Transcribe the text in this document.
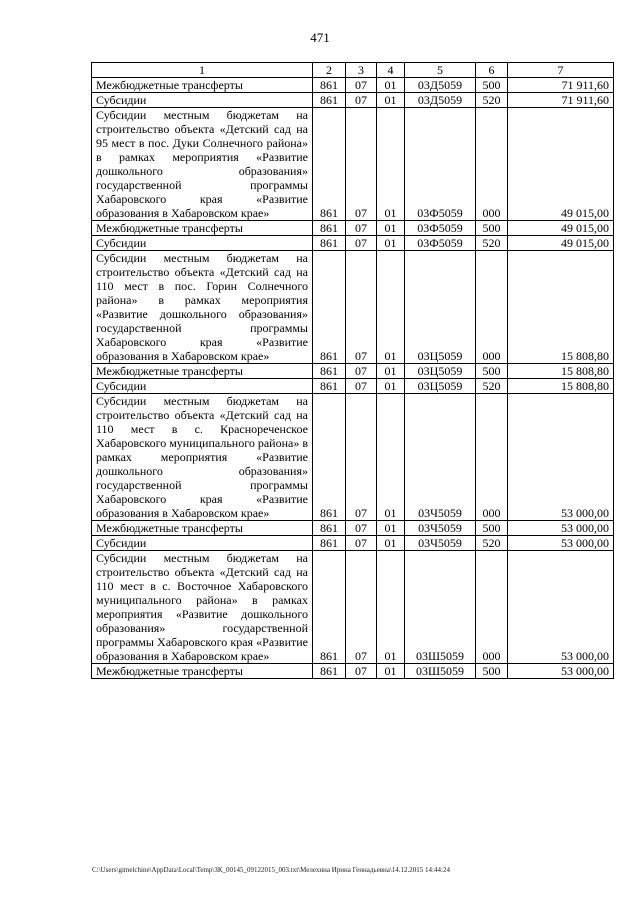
471
1	2	3	4	5	6	7
Межбюджетные трансферты	861	07	01	03Д5059	500	71 911,60
Субсидии	861	07	01	03Д5059	520	71 911,60
Субсидии местным бюджетам на строительство объекта «Детский сад на 95 мест в пос. Дуки Солнечного района» в рамках мероприятия «Развитие дошкольного образования» государственной программы Хабаровского края «Развитие образования в Хабаровском крае»	861	07	01	03Ф5059	000	49 015,00
Межбюджетные трансферты	861	07	01	03Ф5059	500	49 015,00
Субсидии	861	07	01	03Ф5059	520	49 015,00
Субсидии местным бюджетам на строительство объекта «Детский сад на 110 мест в пос. Горин Солнечного района» в рамках мероприятия «Развитие дошкольного образования» государственной программы Хабаровского края «Развитие образования в Хабаровском крае»	861	07	01	03Ц5059	000	15 808,80
Межбюджетные трансферты	861	07	01	03Ц5059	500	15 808,80
Субсидии	861	07	01	03Ц5059	520	15 808,80
Субсидии местным бюджетам на строительство объекта «Детский сад на 110 мест в с. Краснореченское Хабаровского муниципального района» в рамках мероприятия «Развитие дошкольного образования» государственной программы Хабаровского края «Развитие образования в Хабаровском крае»	861	07	01	03Ч5059	000	53 000,00
Межбюджетные трансферты	861	07	01	03Ч5059	500	53 000,00
Субсидии	861	07	01	03Ч5059	520	53 000,00
Субсидии местным бюджетам на строительство объекта «Детский сад на 110 мест в с. Восточное Хабаровского муниципального района» в рамках мероприятия «Развитие дошкольного образования» государственной программы Хабаровского края «Развитие образования в Хабаровском крае»	861	07	01	03Ш5059	000	53 000,00
Межбюджетные трансферты	861	07	01	03Ш5059	500	53 000,00
C:\Users\gimelchine\AppData\Local\Temp\ЗК_00145_09122015_003.txt\Мелехина Ирина Геннадьевна\14.12.2015 14:44:24
